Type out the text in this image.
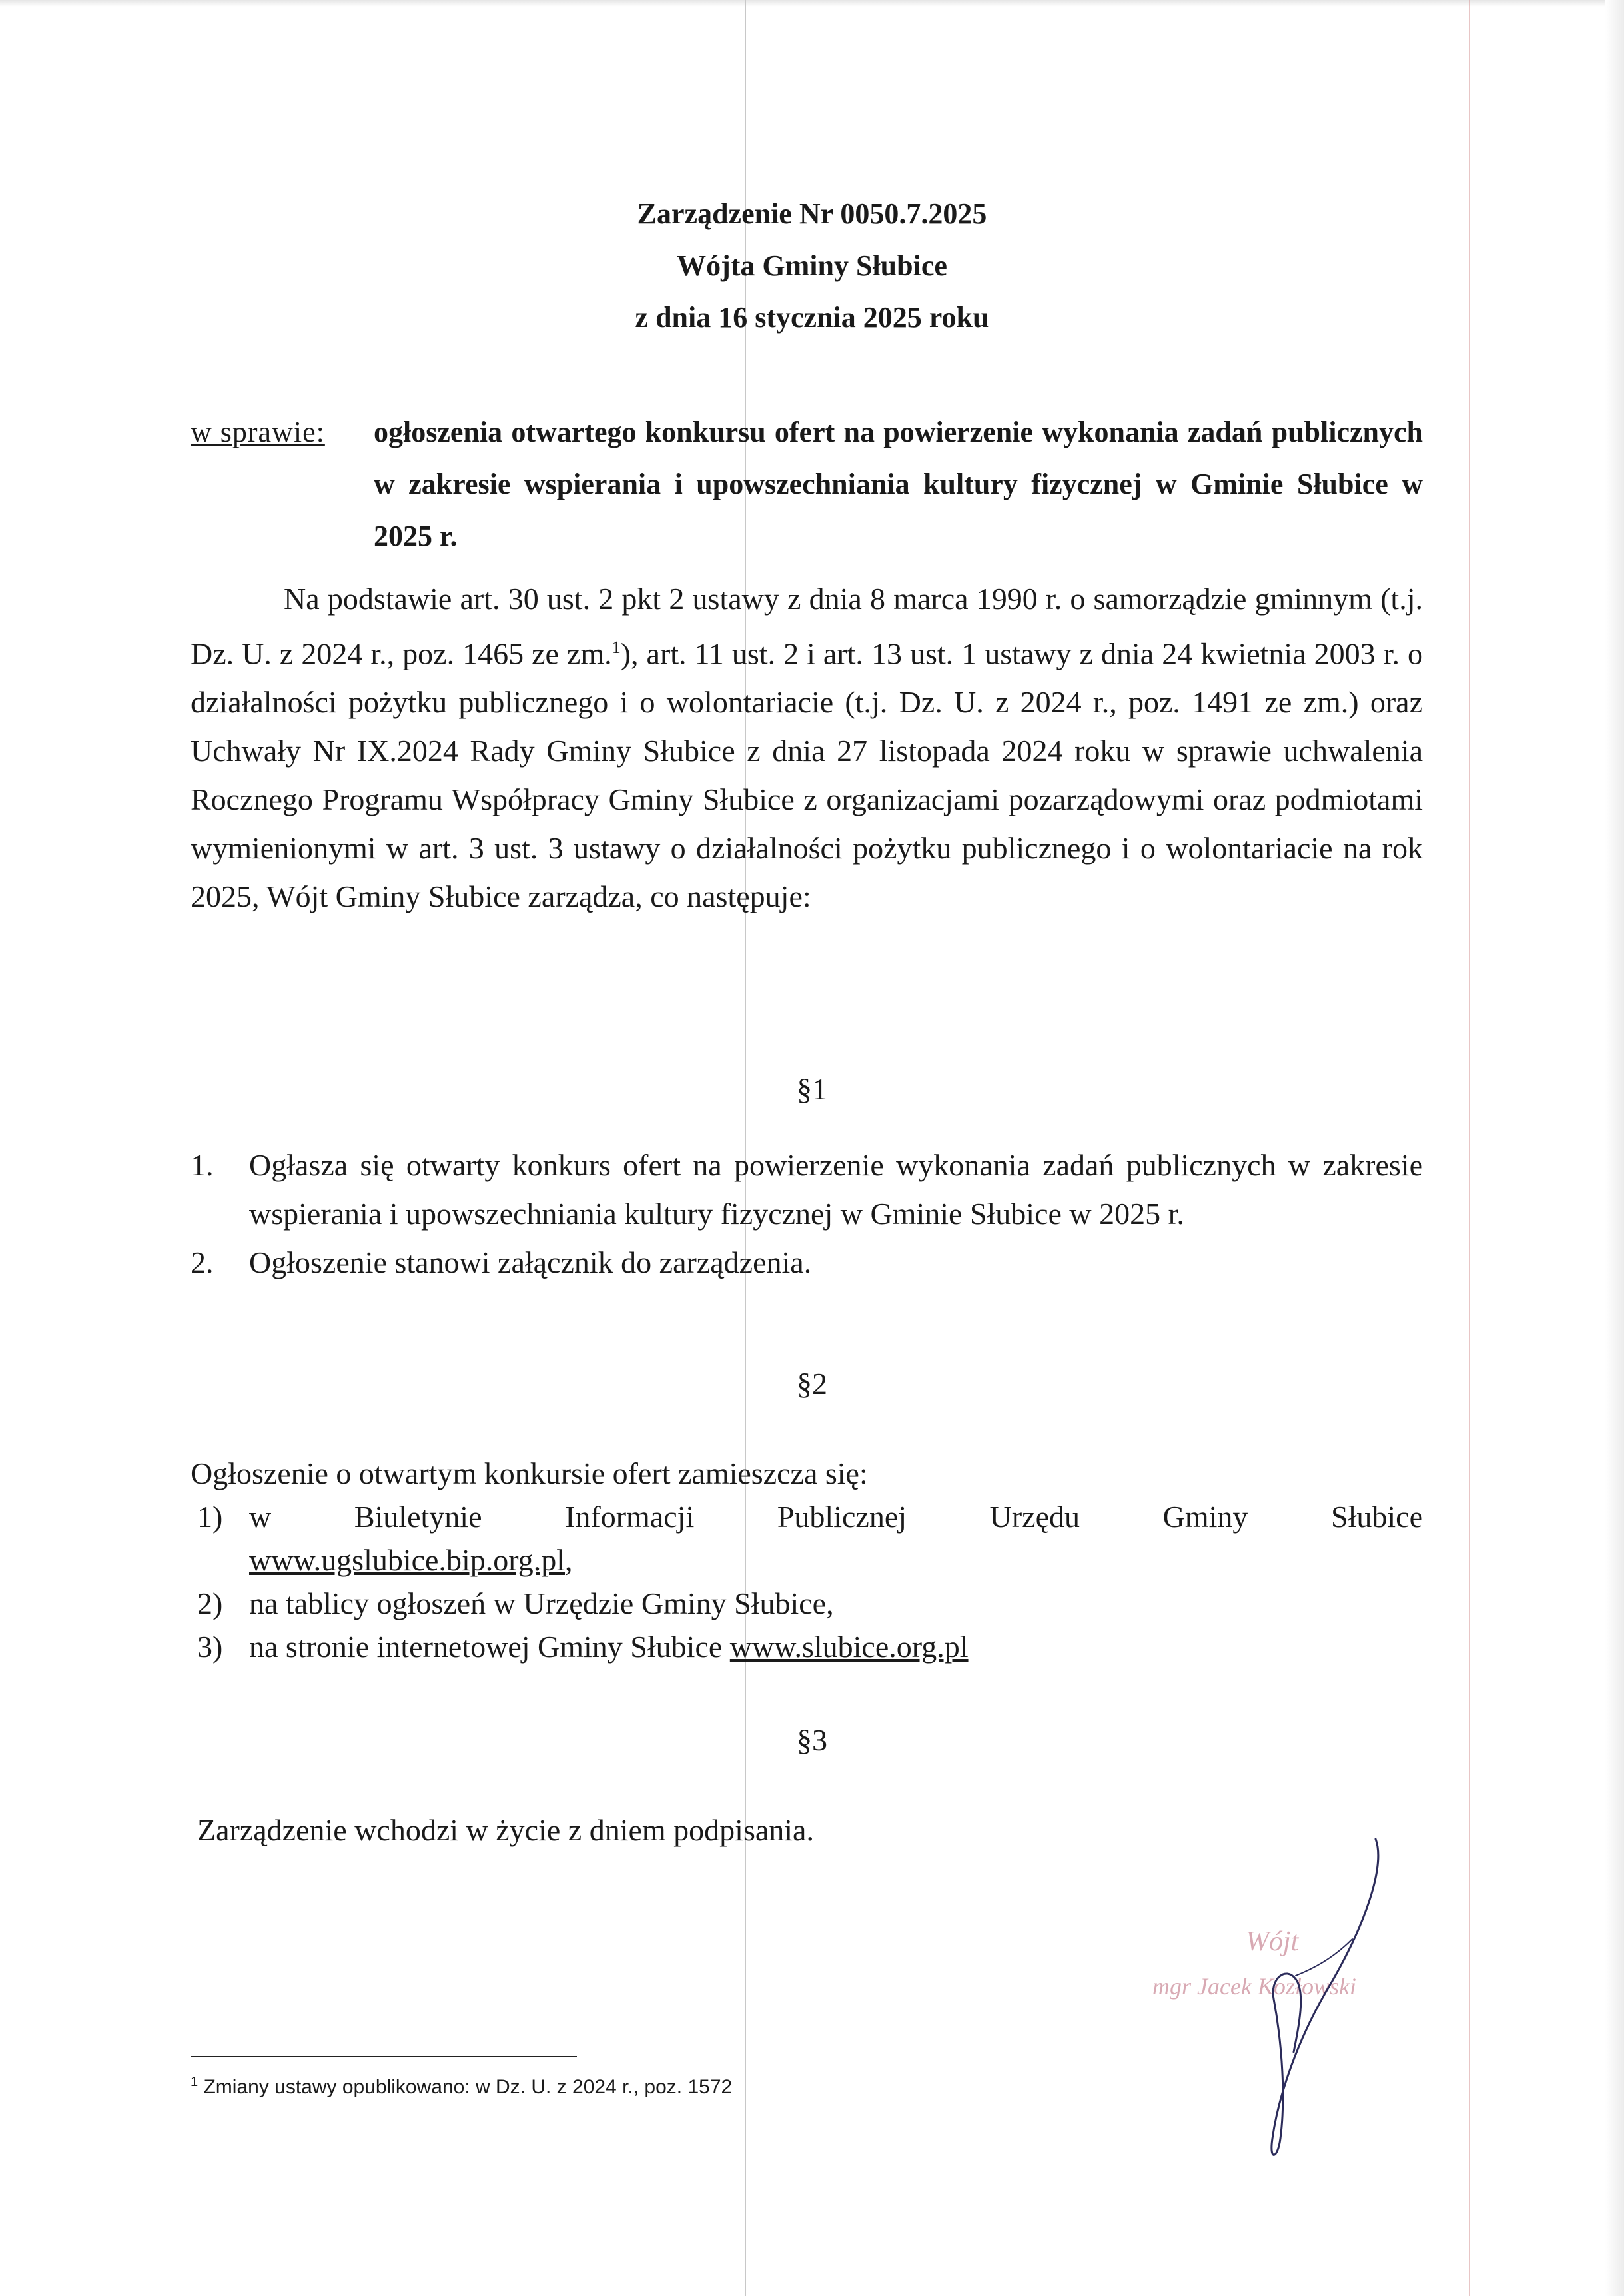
Zarządzenie Nr 0050.7.2025
Wójta Gminy Słubice
z dnia 16 stycznia 2025 roku
w sprawie: ogłoszenia otwartego konkursu ofert na powierzenie wykonania zadań publicznych w zakresie wspierania i upowszechniania kultury fizycznej w Gminie Słubice w 2025 r.
Na podstawie art. 30 ust. 2 pkt 2 ustawy z dnia 8 marca 1990 r. o samorządzie gminnym (t.j. Dz. U. z 2024 r., poz. 1465 ze zm.$^1$), art. 11 ust. 2 i art. 13 ust. 1 ustawy z dnia 24 kwietnia 2003 r. o działalności pożytku publicznego i o wolontariacie (t.j. Dz. U. z 2024 r., poz. 1491 ze zm.) oraz Uchwały Nr IX.2024 Rady Gminy Słubice z dnia 27 listopada 2024 roku w sprawie uchwalenia Rocznego Programu Współpracy Gminy Słubice z organizacjami pozarządowymi oraz podmiotami wymienionymi w art. 3 ust. 3 ustawy o działalności pożytku publicznego i o wolontariacie na rok 2025, Wójt Gminy Słubice zarządza, co następuje:
§1
1. Ogłasza się otwarty konkurs ofert na powierzenie wykonania zadań publicznych w zakresie wspierania i upowszechniania kultury fizycznej w Gminie Słubice w 2025 r.
2. Ogłoszenie stanowi załącznik do zarządzenia.
§2
Ogłoszenie o otwartym konkursie ofert zamieszcza się:
1) w	Biuletynie	Informacji	Publicznej	Urzędu	Gminy	Słubice
www.ugslubice.bip.org.pl,
2) na tablicy ogłoszeń w Urzędzie Gminy Słubice,
3) na stronie internetowej Gminy Słubice www.slubice.org.pl
§3
Zarządzenie wchodzi w życie z dniem podpisania.
Wójt
mgr Jacek Kozłowski
$^1$ Zmiany ustawy opublikowano: w Dz. U. z 2024 r., poz. 1572
